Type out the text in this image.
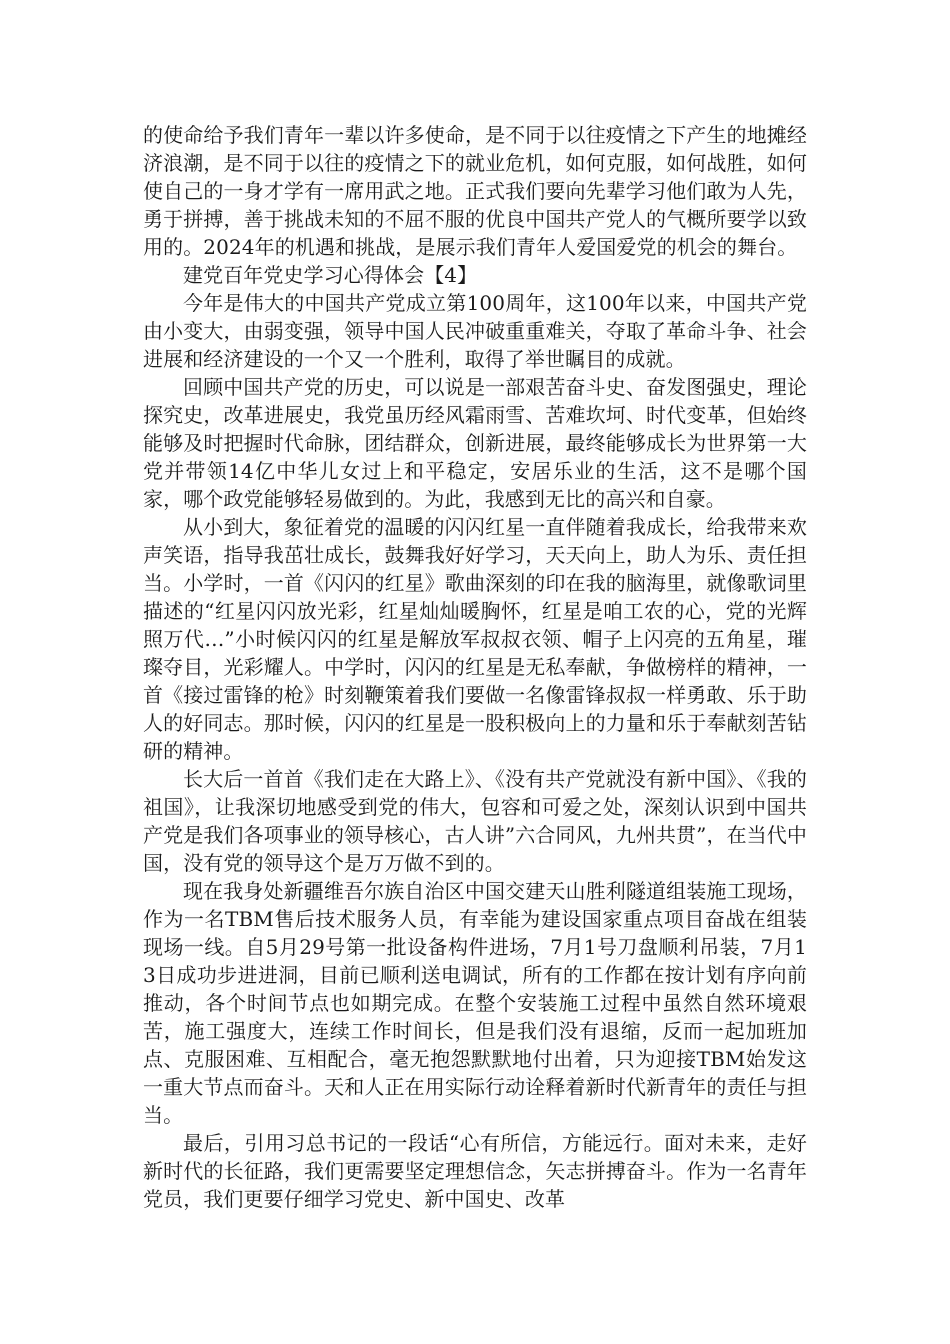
的使命给予我们青年一辈以许多使命，是不同于以往疫情之下产生的地摊经济浪潮，是不同于以往的疫情之下的就业危机，如何克服，如何战胜，如何使自己的一身才学有一席用武之地。正式我们要向先辈学习他们敢为人先，勇于拼搏，善于挑战未知的不屈不服的优良中国共产党人的气概所要学以致用的。2024年的机遇和挑战，是展示我们青年人爱国爱党的机会的舞台。

建党百年党史学习心得体会【4】

今年是伟大的中国共产党成立第100周年，这100年以来，中国共产党由小变大，由弱变强，领导中国人民冲破重重难关，夺取了革命斗争、社会进展和经济建设的一个又一个胜利，取得了举世瞩目的成就。

回顾中国共产党的历史，可以说是一部艰苦奋斗史、奋发图强史，理论探究史，改革进展史，我党虽历经风霜雨雪、苦难坎坷、时代变革，但始终能够及时把握时代命脉，团结群众，创新进展，最终能够成长为世界第一大党并带领14亿中华儿女过上和平稳定，安居乐业的生活，这不是哪个国家，哪个政党能够轻易做到的。为此，我感到无比的高兴和自豪。

从小到大，象征着党的温暖的闪闪红星一直伴随着我成长，给我带来欢声笑语，指导我茁壮成长，鼓舞我好好学习，天天向上，助人为乐、责任担当。小学时，一首《闪闪的红星》歌曲深刻的印在我的脑海里，就像歌词里描述的“红星闪闪放光彩，红星灿灿暖胸怀，红星是咱工农的心，党的光辉照万代…”小时候闪闪的红星是解放军叔叔衣领、帽子上闪亮的五角星，璀璨夺目，光彩耀人。中学时，闪闪的红星是无私奉献，争做榜样的精神，一首《接过雷锋的枪》时刻鞭策着我们要做一名像雷锋叔叔一样勇敢、乐于助人的好同志。那时候，闪闪的红星是一股积极向上的力量和乐于奉献刻苦钻研的精神。

长大后一首首《我们走在大路上》、《没有共产党就没有新中国》、《我的祖国》，让我深切地感受到党的伟大，包容和可爱之处，深刻认识到中国共产党是我们各项事业的领导核心，古人讲”六合同风，九州共贯”，在当代中国，没有党的领导这个是万万做不到的。

现在我身处新疆维吾尔族自治区中国交建天山胜利隧道组装施工现场，作为一名TBM售后技术服务人员，有幸能为建设国家重点项目奋战在组装现场一线。自5月29号第一批设备构件进场，7月1号刀盘顺利吊装，7月13日成功步进进洞，目前已顺利送电调试，所有的工作都在按计划有序向前推动，各个时间节点也如期完成。在整个安装施工过程中虽然自然环境艰苦，施工强度大，连续工作时间长，但是我们没有退缩，反而一起加班加点、克服困难、互相配合，毫无抱怨默默地付出着，只为迎接TBM始发这一重大节点而奋斗。天和人正在用实际行动诠释着新时代新青年的责任与担当。

最后，引用习总书记的一段话“心有所信，方能远行。面对未来，走好新时代的长征路，我们更需要坚定理想信念，矢志拼搏奋斗。作为一名青年党员，我们更要仔细学习党史、新中国史、改革
